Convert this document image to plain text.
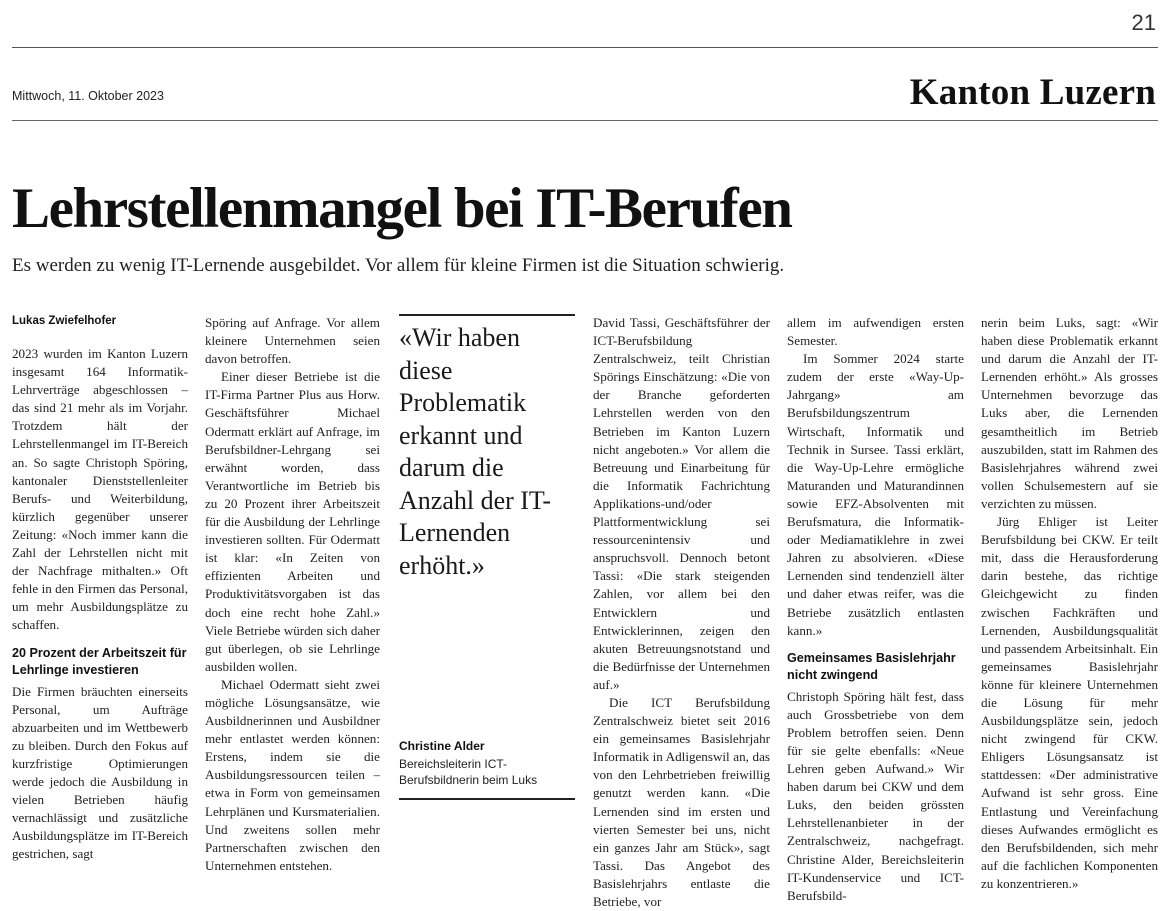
21
Mittwoch, 11. Oktober 2023	Kanton Luzern
Lehrstellenmangel bei IT-Berufen
Es werden zu wenig IT-Lernende ausgebildet. Vor allem für kleine Firmen ist die Situation schwierig.
Lukas Zwiefelhofer

2023 wurden im Kanton Luzern insgesamt 164 Informatik-Lehrverträge abgeschlossen – das sind 21 mehr als im Vorjahr. Trotzdem hält der Lehrstellenmangel im IT-Bereich an. So sagte Christoph Spöring, kantonaler Dienststellenleiter Berufs- und Weiterbildung, kürzlich gegenüber unserer Zeitung: «Noch immer kann die Zahl der Lehrstellen nicht mit der Nachfrage mithalten.» Oft fehle in den Firmen das Personal, um mehr Ausbildungsplätze zu schaffen.

20 Prozent der Arbeitszeit für Lehrlinge investieren

Die Firmen bräuchten einerseits Personal, um Aufträge abzuarbeiten und im Wettbewerb zu bleiben. Durch den Fokus auf kurzfristige Optimierungen werde jedoch die Ausbildung in vielen Betrieben häufig vernachlässigt und zusätzliche Ausbildungsplätze im IT-Bereich gestrichen, sagt

Spöring auf Anfrage. Vor allem kleinere Unternehmen seien davon betroffen.

Einer dieser Betriebe ist die IT-Firma Partner Plus aus Horw. Geschäftsführer Michael Odermatt erklärt auf Anfrage, im Berufsbildner-Lehrgang sei erwähnt worden, dass Verantwortliche im Betrieb bis zu 20 Prozent ihrer Arbeitszeit für die Ausbildung der Lehrlinge investieren sollten. Für Odermatt ist klar: «In Zeiten von effizienten Arbeiten und Produktivitätsvorgaben ist das doch eine recht hohe Zahl.» Viele Betriebe würden sich daher gut überlegen, ob sie Lehrlinge ausbilden wollen.

Michael Odermatt sieht zwei mögliche Lösungsansätze, wie Ausbildnerinnen und Ausbildner mehr entlastet werden können: Erstens, indem sie die Ausbildungsressourcen teilen – etwa in Form von gemeinsamen Lehrplänen und Kursmaterialien. Und zweitens sollen mehr Partnerschaften zwischen den Unternehmen entstehen.

«Wir haben diese Problematik erkannt und darum die Anzahl der IT-Lernenden erhöht.»
Christine Alder
Bereichsleiterin ICT-Berufsbildnerin beim Luks

David Tassi, Geschäftsführer der ICT-Berufsbildung Zentralschweiz, teilt Christian Spörings Einschätzung: «Die von der Branche geforderten Lehrstellen werden von den Betrieben im Kanton Luzern nicht angeboten.» Vor allem die Betreuung und Einarbeitung für die Informatik Fachrichtung Applikations-und/oder Plattformentwicklung sei ressourcenintensiv und anspruchsvoll. Dennoch betont Tassi: «Die stark steigenden Zahlen, vor allem bei den Entwicklern und Entwicklerinnen, zeigen den akuten Betreuungsnotstand und die Bedürfnisse der Unternehmen auf.»

Die ICT Berufsbildung Zentralschweiz bietet seit 2016 ein gemeinsames Basislehrjahr Informatik in Adligenswil an, das von den Lehrbetrieben freiwillig genutzt werden kann. «Die Lernenden sind im ersten und vierten Semester bei uns, nicht ein ganzes Jahr am Stück», sagt Tassi. Das Angebot des Basislehrjahrs entlaste die Betriebe, vor

allem im aufwendigen ersten Semester.

Im Sommer 2024 starte zudem der erste «Way-Up-Jahrgang» am Berufsbildungszentrum Wirtschaft, Informatik und Technik in Sursee. Tassi erklärt, die Way-Up-Lehre ermögliche Maturanden und Maturandinnen sowie EFZ-Absolventen mit Berufsmatura, die Informatik- oder Mediamatiklehre in zwei Jahren zu absolvieren. «Diese Lernenden sind tendenziell älter und daher etwas reifer, was die Betriebe zusätzlich entlasten kann.»

Gemeinsames Basislehrjahr nicht zwingend

Christoph Spöring hält fest, dass auch Grossbetriebe von dem Problem betroffen seien. Denn für sie gelte ebenfalls: «Neue Lehren geben Aufwand.» Wir haben darum bei CKW und dem Luks, den beiden grössten Lehrstellenanbieter in der Zentralschweiz, nachgefragt. Christine Alder, Bereichsleiterin IT-Kundenservice und ICT-Berufsbild-

nerin beim Luks, sagt: «Wir haben diese Problematik erkannt und darum die Anzahl der IT-Lernenden erhöht.» Als grosses Unternehmen bevorzuge das Luks aber, die Lernenden gesamtheitlich im Betrieb auszubilden, statt im Rahmen des Basislehrjahres während zwei vollen Schulsemestern auf sie verzichten zu müssen.

Jürg Ehliger ist Leiter Berufsbildung bei CKW. Er teilt mit, dass die Herausforderung darin bestehe, das richtige Gleichgewicht zu finden zwischen Fachkräften und Lernenden, Ausbildungsqualität und passendem Arbeitsinhalt. Ein gemeinsames Basislehrjahr könne für kleinere Unternehmen die Lösung für mehr Ausbildungsplätze sein, jedoch nicht zwingend für CKW. Ehligers Lösungsansatz ist stattdessen: «Der administrative Aufwand ist sehr gross. Eine Entlastung und Vereinfachung dieses Aufwandes ermöglicht es den Berufsbildenden, sich mehr auf die fachlichen Komponenten zu konzentrieren.»
